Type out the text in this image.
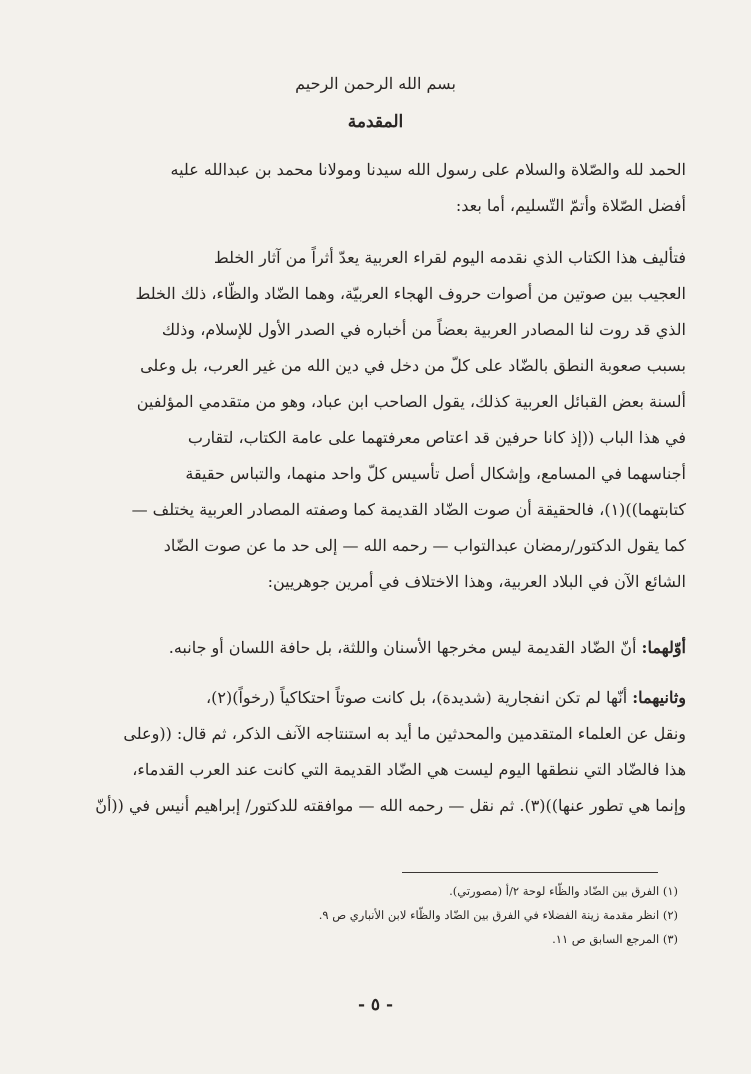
بسم الله الرحمن الرحيم
المقدمة
الحمد لله والصّلاة والسلام على رسول الله سيدنا ومولانا محمد بن عبدالله عليه
أفضل الصّلاة وأتمّ التّسليم، أما بعد:
فتأليف هذا الكتاب الذي نقدمه اليوم لقراء العربية يعدّ أثراً من آثار الخلط
العجيب بين صوتين من أصوات حروف الهجاء العربيّة، وهما الضّاد والظّاء، ذلك الخلط
الذي قد روت لنا المصادر العربية بعضاً من أخباره في الصدر الأول للإسلام، وذلك
بسبب صعوبة النطق بالضّاد على كلّ من دخل في دين الله من غير العرب، بل وعلى
ألسنة بعض القبائل العربية كذلك، يقول الصاحب ابن عباد، وهو من متقدمي المؤلفين
في هذا الباب ((إذ كانا حرفين قد اعتاص معرفتهما على عامة الكتاب، لتقارب
أجناسهما في المسامع، وإشكال أصل تأسيس كلّ واحد منهما، والتباس حقيقة
كتابتهما))(١)، فالحقيقة أن صوت الضّاد القديمة كما وصفته المصادر العربية يختلف —
كما يقول الدكتور/رمضان عبدالتواب — رحمه الله — إلى حد ما عن صوت الضّاد
الشائع الآن في البلاد العربية، وهذا الاختلاف في أمرين جوهريين:
أوّلهما: أنّ الضّاد القديمة ليس مخرجها الأسنان واللثة، بل حافة اللسان أو جانبه.
وثانيهما: أنّها لم تكن انفجارية (شديدة)، بل كانت صوتاً احتكاكياً (رخواً)(٢)،
ونقل عن العلماء المتقدمين والمحدثين ما أيد به استنتاجه الآنف الذكر، ثم قال: ((وعلى
هذا فالضّاد التي ننطقها اليوم ليست هي الضّاد القديمة التي كانت عند العرب القدماء،
وإنما هي تطور عنها))(٣). ثم نقل — رحمه الله — موافقته للدكتور/ إبراهيم أنيس في ((أنّ
(١) الفرق بين الضّاد والظّاء لوحة ٢/أ (مصورتي).
(٢) انظر مقدمة زينة الفضلاء في الفرق بين الضّاد والظّاء لابن الأنباري ص ٩.
(٣) المرجع السابق ص ١١.
- ٥ -
